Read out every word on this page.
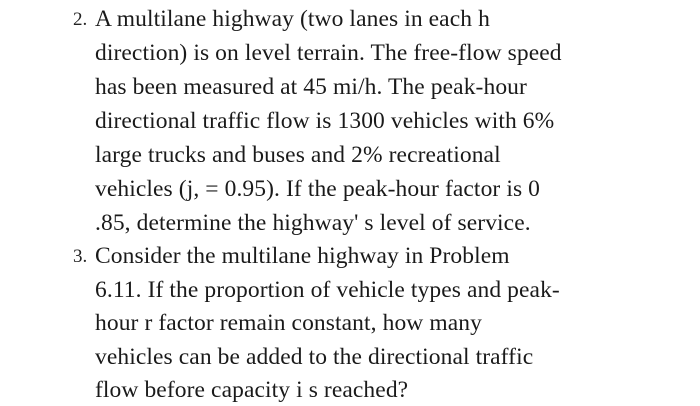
2. A multilane highway (two lanes in each h
direction) is on level terrain. The free-flow speed
has been measured at 45 mi/h. The peak-hour
directional traffic flow is 1300 vehicles with 6%
large trucks and buses and 2% recreational
vehicles (j, = 0.95). If the peak-hour factor is 0
.85, determine the highway' s level of service.
3. Consider the multilane highway in Problem
6.11. If the proportion of vehicle types and peak-
hour r factor remain constant, how many
vehicles can be added to the directional traffic
flow before capacity i s reached?
